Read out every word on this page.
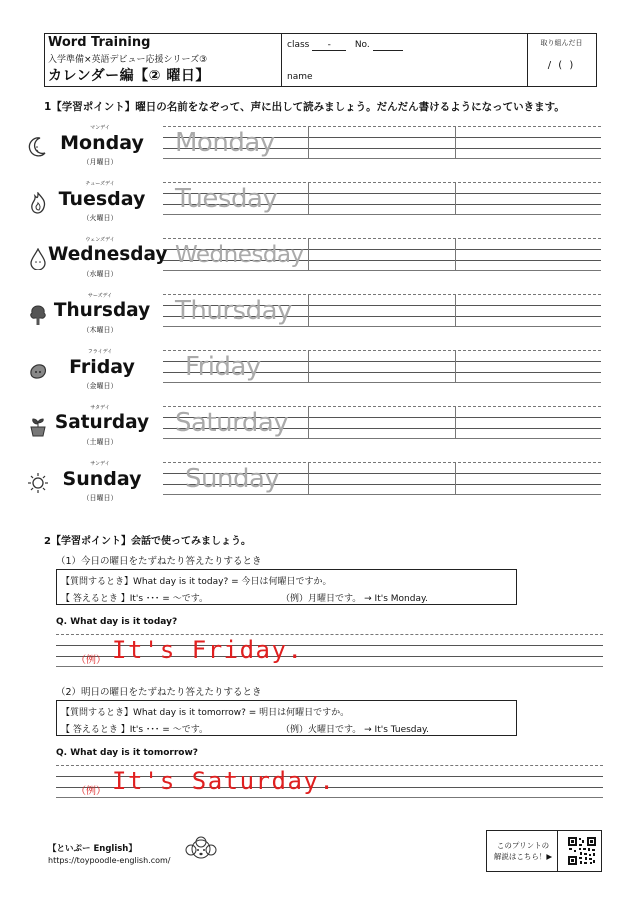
Word Training
入学準備×英語デビュー応援シリーズ③
カレンダー編【② 曜日】
class -	No.
name
取り組んだ日
/ ( )
1【学習ポイント】曜日の名前をなぞって、声に出して読みましょう。だんだん書けるようになっていきます。
マンデイ
Monday
（月曜日）
Monday
チューズデイ
Tuesday
（火曜日）
Tuesday
ウェンズデイ
Wednesday
（水曜日）
Wednesday
サーズデイ
Thursday
（木曜日）
Thursday
フライデイ
Friday
（金曜日）
Friday
サタデイ
Saturday
（土曜日）
Saturday
サンデイ
Sunday
（日曜日）
Sunday
2【学習ポイント】会話で使ってみましょう。
（1）今日の曜日をたずねたり答えたりするとき
【質問するとき】What day is it today? = 今日は何曜日ですか。
【 答えるとき 】It's ･･･ = ～です。	（例）月曜日です。 → It's Monday.
Q. What day is it today?
（例） It's Friday.
（2）明日の曜日をたずねたり答えたりするとき
【質問するとき】What day is it tomorrow? = 明日は何曜日ですか。
【 答えるとき 】It's ･･･ = ～です。	（例）火曜日です。 → It's Tuesday.
Q. What day is it tomorrow?
（例） It's Saturday.
【といぷー English】
https://toypoodle-english.com/
このプリントの
解説はこちら！▶
